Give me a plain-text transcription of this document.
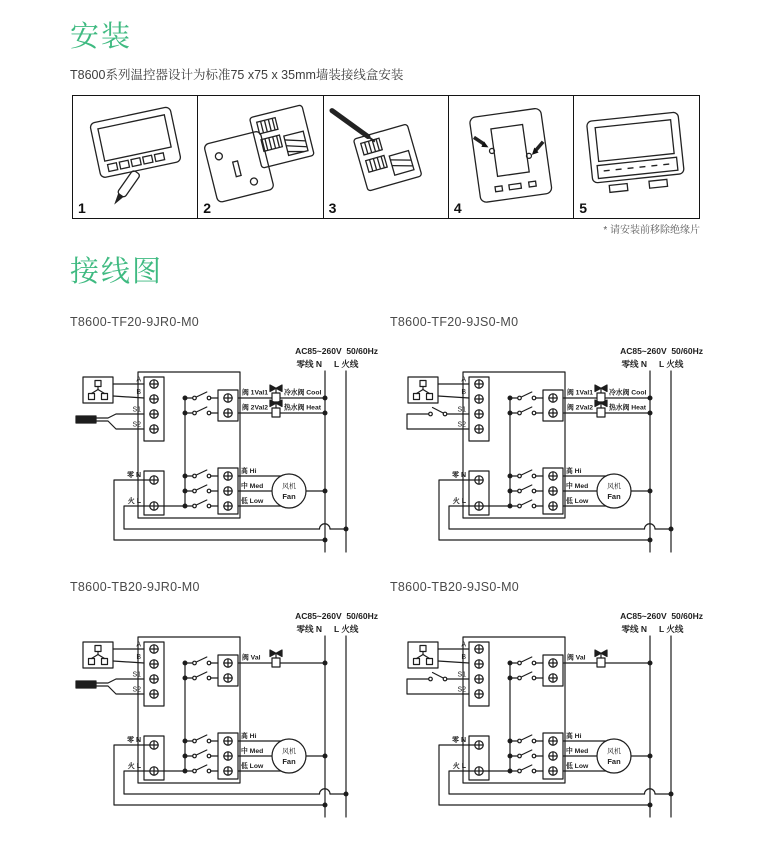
安装
T8600系列温控器设计为标准75 x75 x 35mm墙装接线盒安装
1	2	3	4	5
* 请安装前移除绝缘片
接线图
T8600-TF20-9JR0-M0	T8600-TF20-9JS0-M0
T8600-TB20-9JR0-M0	T8600-TB20-9JS0-M0
AC85~260V  50/60Hz
零线 N L 火线
A
B
S1
S2
阀 1Val1 冷水阀 Cool
阀 2Val2 热水阀 Heat
零 N
火 L
高 Hi
中 Med
低 Low
风机
Fan
AC85~260V  50/60Hz
零线 N L 火线
A
B
S1
S2
阀 1Val1 冷水阀 Cool
阀 2Val2 热水阀 Heat
零 N
火 L
高 Hi
中 Med
低 Low
风机
Fan
AC85~260V  50/60Hz
零线 N L 火线
A
B
S1
S2
阀 Val
零 N
火 L
高 Hi
中 Med
低 Low
风机
Fan
AC85~260V  50/60Hz
零线 N L 火线
A
B
S1
S2
阀 Val
零 N
火 L
高 Hi
中 Med
低 Low
风机
Fan
